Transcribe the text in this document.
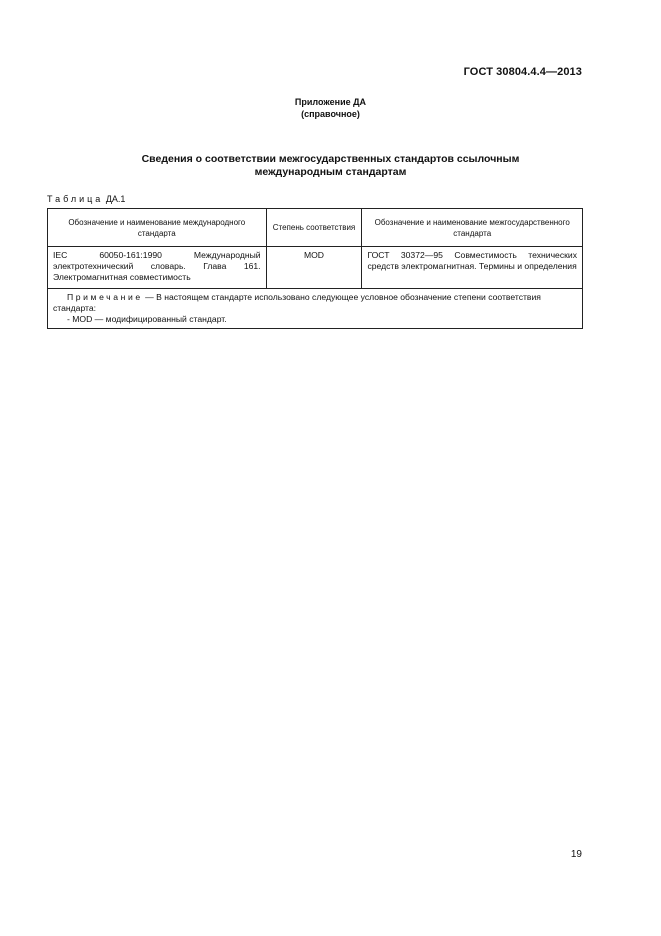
ГОСТ 30804.4.4—2013
Приложение ДА
(справочное)
Сведения о соответствии межгосударственных стандартов ссылочным
международным стандартам
Таблица ДА.1
Обозначение и наименование международного стандарта	Степень соответствия	Обозначение и наименование межгосударственного стандарта
IEC 60050-161:1990 Международный электротехнический словарь. Глава 161. Электромагнитная совместимость	MOD	ГОСТ 30372—95 Совместимость технических средств электромагнитная. Термины и определения

Примечание — В настоящем стандарте использовано следующее условное обозначение степени соответствия стандарта:
- MOD — модифицированный стандарт.		
19
